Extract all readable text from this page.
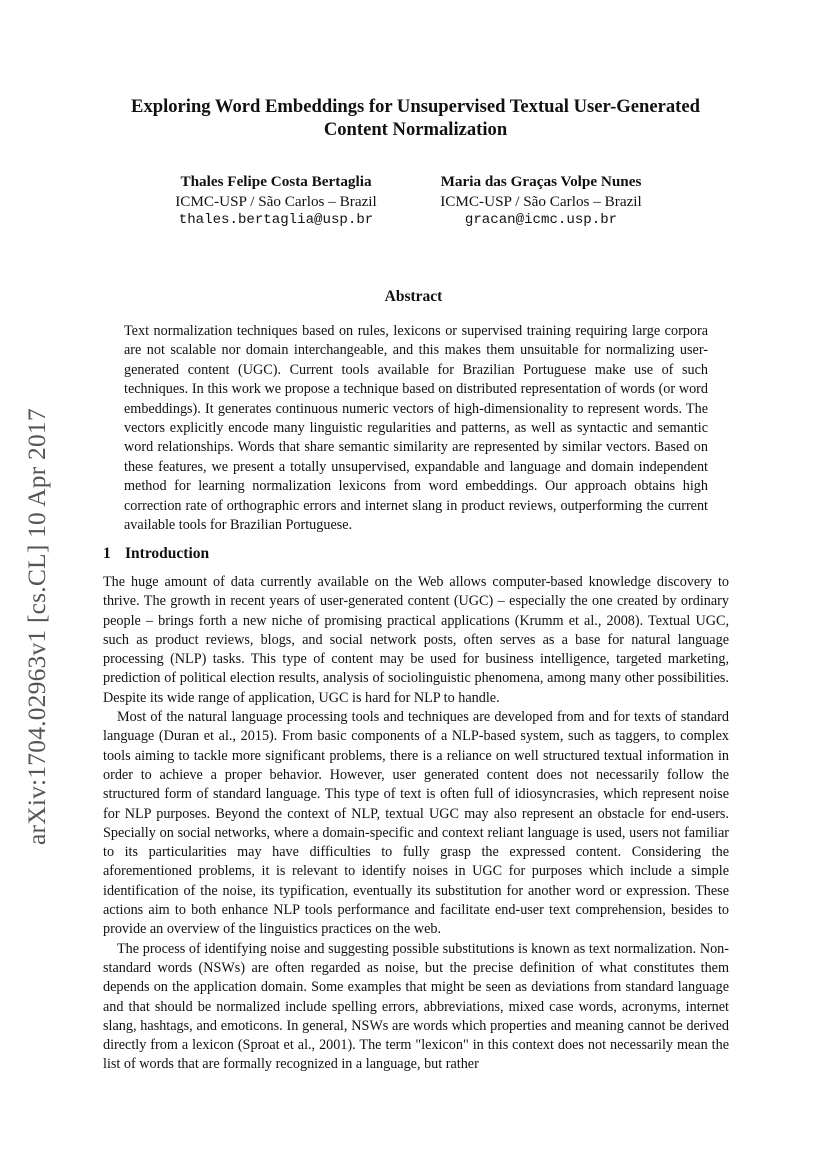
arXiv:1704.02963v1 [cs.CL] 10 Apr 2017
Exploring Word Embeddings for Unsupervised Textual User-Generated Content Normalization
Thales Felipe Costa Bertaglia
ICMC-USP / São Carlos – Brazil
thales.bertaglia@usp.br
Maria das Graças Volpe Nunes
ICMC-USP / São Carlos – Brazil
gracan@icmc.usp.br
Abstract
Text normalization techniques based on rules, lexicons or supervised training requiring large corpora are not scalable nor domain interchangeable, and this makes them unsuitable for normalizing user-generated content (UGC). Current tools available for Brazilian Portuguese make use of such techniques. In this work we propose a technique based on distributed representation of words (or word embeddings). It generates continuous numeric vectors of high-dimensionality to represent words. The vectors explicitly encode many linguistic regularities and patterns, as well as syntactic and semantic word relationships. Words that share semantic similarity are represented by similar vectors. Based on these features, we present a totally unsupervised, expandable and language and domain independent method for learning normalization lexicons from word embeddings. Our approach obtains high correction rate of orthographic errors and internet slang in product reviews, outperforming the current available tools for Brazilian Portuguese.
1 Introduction

The huge amount of data currently available on the Web allows computer-based knowledge discovery to thrive. The growth in recent years of user-generated content (UGC) – especially the one created by ordinary people – brings forth a new niche of promising practical applications (Krumm et al., 2008). Textual UGC, such as product reviews, blogs, and social network posts, often serves as a base for natural language processing (NLP) tasks. This type of content may be used for business intelligence, targeted marketing, prediction of political election results, analysis of sociolinguistic phenomena, among many other possibilities. Despite its wide range of application, UGC is hard for NLP to handle.

Most of the natural language processing tools and techniques are developed from and for texts of standard language (Duran et al., 2015). From basic components of a NLP-based system, such as taggers, to complex tools aiming to tackle more significant problems, there is a reliance on well structured textual information in order to achieve a proper behavior. However, user generated content does not necessarily follow the structured form of standard language. This type of text is often full of idiosyncrasies, which represent noise for NLP purposes. Beyond the context of NLP, textual UGC may also represent an obstacle for end-users. Specially on social networks, where a domain-specific and context reliant language is used, users not familiar to its particularities may have difficulties to fully grasp the expressed content. Considering the aforementioned problems, it is relevant to identify noises in UGC for purposes which include a simple identification of the noise, its typification, eventually its substitution for another word or expression. These actions aim to both enhance NLP tools performance and facilitate end-user text comprehension, besides to provide an overview of the linguistics practices on the web.

The process of identifying noise and suggesting possible substitutions is known as text normalization. Non-standard words (NSWs) are often regarded as noise, but the precise definition of what constitutes them depends on the application domain. Some examples that might be seen as deviations from standard language and that should be normalized include spelling errors, abbreviations, mixed case words, acronyms, internet slang, hashtags, and emoticons. In general, NSWs are words which properties and meaning cannot be derived directly from a lexicon (Sproat et al., 2001). The term "lexicon" in this context does not necessarily mean the list of words that are formally recognized in a language, but rather
